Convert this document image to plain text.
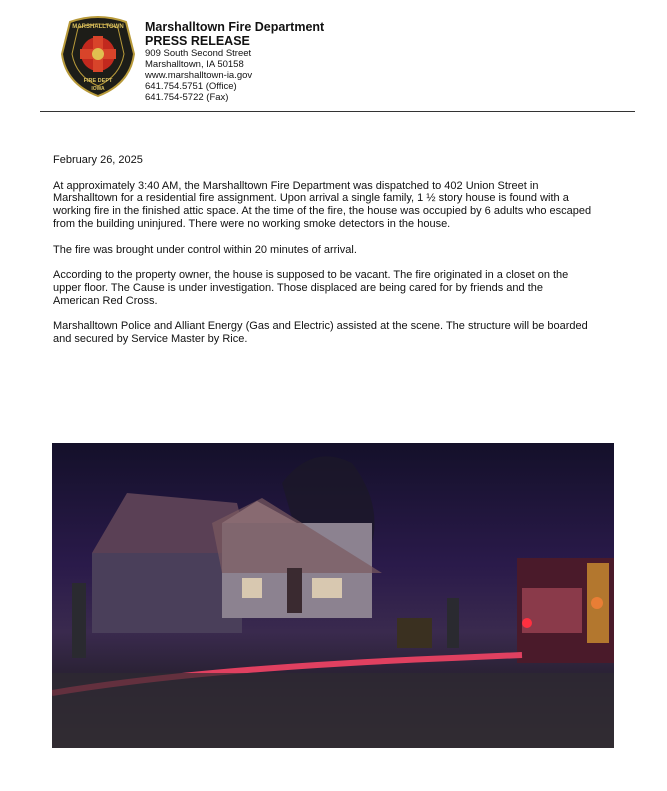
MARSHALLTOWN
FIRE DEPT
IOWA
Marshalltown Fire Department
PRESS RELEASE
909 South Second Street
Marshalltown, IA 50158
www.marshalltown-ia.gov
641.754.5751 (Office)
641.754-5722 (Fax)

February 26, 2025

At approximately 3:40 AM, the Marshalltown Fire Department was dispatched to 402 Union Street in
Marshalltown for a residential fire assignment. Upon arrival a single family, 1 ½ story house is found with a
working fire in the finished attic space. At the time of the fire, the house was occupied by 6 adults who escaped
from the building uninjured. There were no working smoke detectors in the house.

The fire was brought under control within 20 minutes of arrival.

According to the property owner, the house is supposed to be vacant. The fire originated in a closet on the
upper floor. The Cause is under investigation. Those displaced are being cared for by friends and the
American Red Cross.

Marshalltown Police and Alliant Energy (Gas and Electric) assisted at the scene. The structure will be boarded
and secured by Service Master by Rice.
